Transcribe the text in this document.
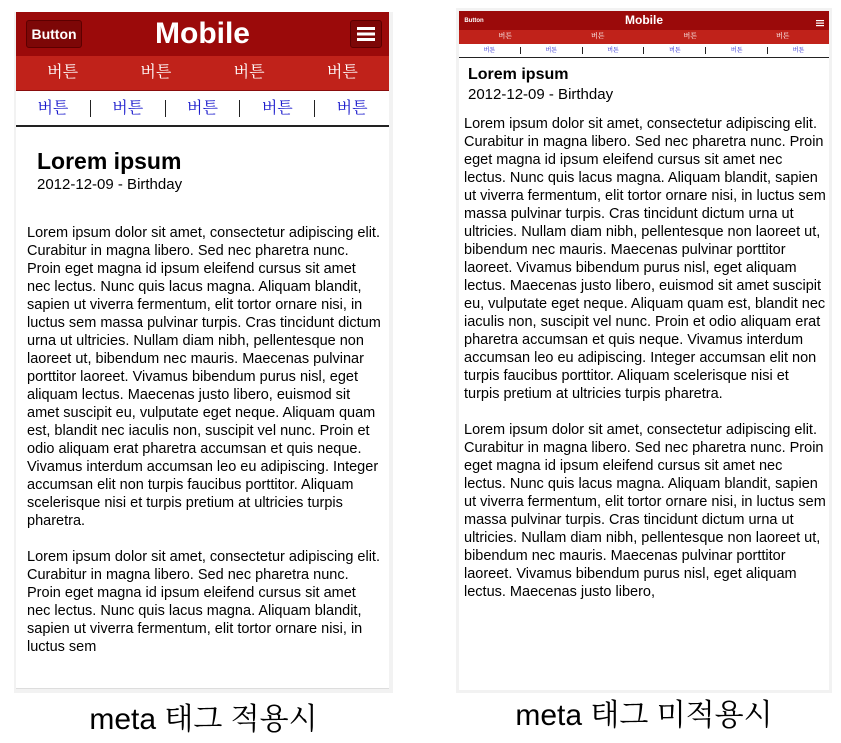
Button	Mobile
버튼	버튼	버튼	버튼
버튼	버튼	버튼	버튼	버튼
Lorem ipsum
2012-12-09 - Birthday

Lorem ipsum dolor sit amet, consectetur adipiscing elit. Curabitur in magna libero. Sed nec pharetra nunc. Proin eget magna id ipsum eleifend cursus sit amet nec lectus. Nunc quis lacus magna. Aliquam blandit, sapien ut viverra fermentum, elit tortor ornare nisi, in luctus sem massa pulvinar turpis. Cras tincidunt dictum urna ut ultricies. Nullam diam nibh, pellentesque non laoreet ut, bibendum nec mauris. Maecenas pulvinar porttitor laoreet. Vivamus bibendum purus nisl, eget aliquam lectus. Maecenas justo libero, euismod sit amet suscipit eu, vulputate eget neque. Aliquam quam est, blandit nec iaculis non, suscipit vel nunc. Proin et odio aliquam erat pharetra accumsan et quis neque. Vivamus interdum accumsan leo eu adipiscing. Integer accumsan elit non turpis faucibus porttitor. Aliquam scelerisque nisi et turpis pretium at ultricies turpis pharetra.

Lorem ipsum dolor sit amet, consectetur adipiscing elit. Curabitur in magna libero. Sed nec pharetra nunc. Proin eget magna id ipsum eleifend cursus sit amet nec lectus. Nunc quis lacus magna. Aliquam blandit, sapien ut viverra fermentum, elit tortor ornare nisi, in luctus sem

meta 태그 적용시
Button	Mobile
버튼	버튼	버튼	버튼
버튼	버튼	버튼	버튼	버튼	버튼
Lorem ipsum
2012-12-09 - Birthday

Lorem ipsum dolor sit amet, consectetur adipiscing elit. Curabitur in magna libero. Sed nec pharetra nunc. Proin eget magna id ipsum eleifend cursus sit amet nec lectus. Nunc quis lacus magna. Aliquam blandit, sapien ut viverra fermentum, elit tortor ornare nisi, in luctus sem massa pulvinar turpis. Cras tincidunt dictum urna ut ultricies. Nullam diam nibh, pellentesque non laoreet ut, bibendum nec mauris. Maecenas pulvinar porttitor laoreet. Vivamus bibendum purus nisl, eget aliquam lectus. Maecenas justo libero, euismod sit amet suscipit eu, vulputate eget neque. Aliquam quam est, blandit nec iaculis non, suscipit vel nunc. Proin et odio aliquam erat pharetra accumsan et quis neque. Vivamus interdum accumsan leo eu adipiscing. Integer accumsan elit non turpis faucibus porttitor. Aliquam scelerisque nisi et turpis pretium at ultricies turpis pharetra.

Lorem ipsum dolor sit amet, consectetur adipiscing elit. Curabitur in magna libero. Sed nec pharetra nunc. Proin eget magna id ipsum eleifend cursus sit amet nec lectus. Nunc quis lacus magna. Aliquam blandit, sapien ut viverra fermentum, elit tortor ornare nisi, in luctus sem massa pulvinar turpis. Cras tincidunt dictum urna ut ultricies. Nullam diam nibh, pellentesque non laoreet ut, bibendum nec mauris. Maecenas pulvinar porttitor laoreet. Vivamus bibendum purus nisl, eget aliquam lectus. Maecenas justo libero,

meta 태그 미적용시
